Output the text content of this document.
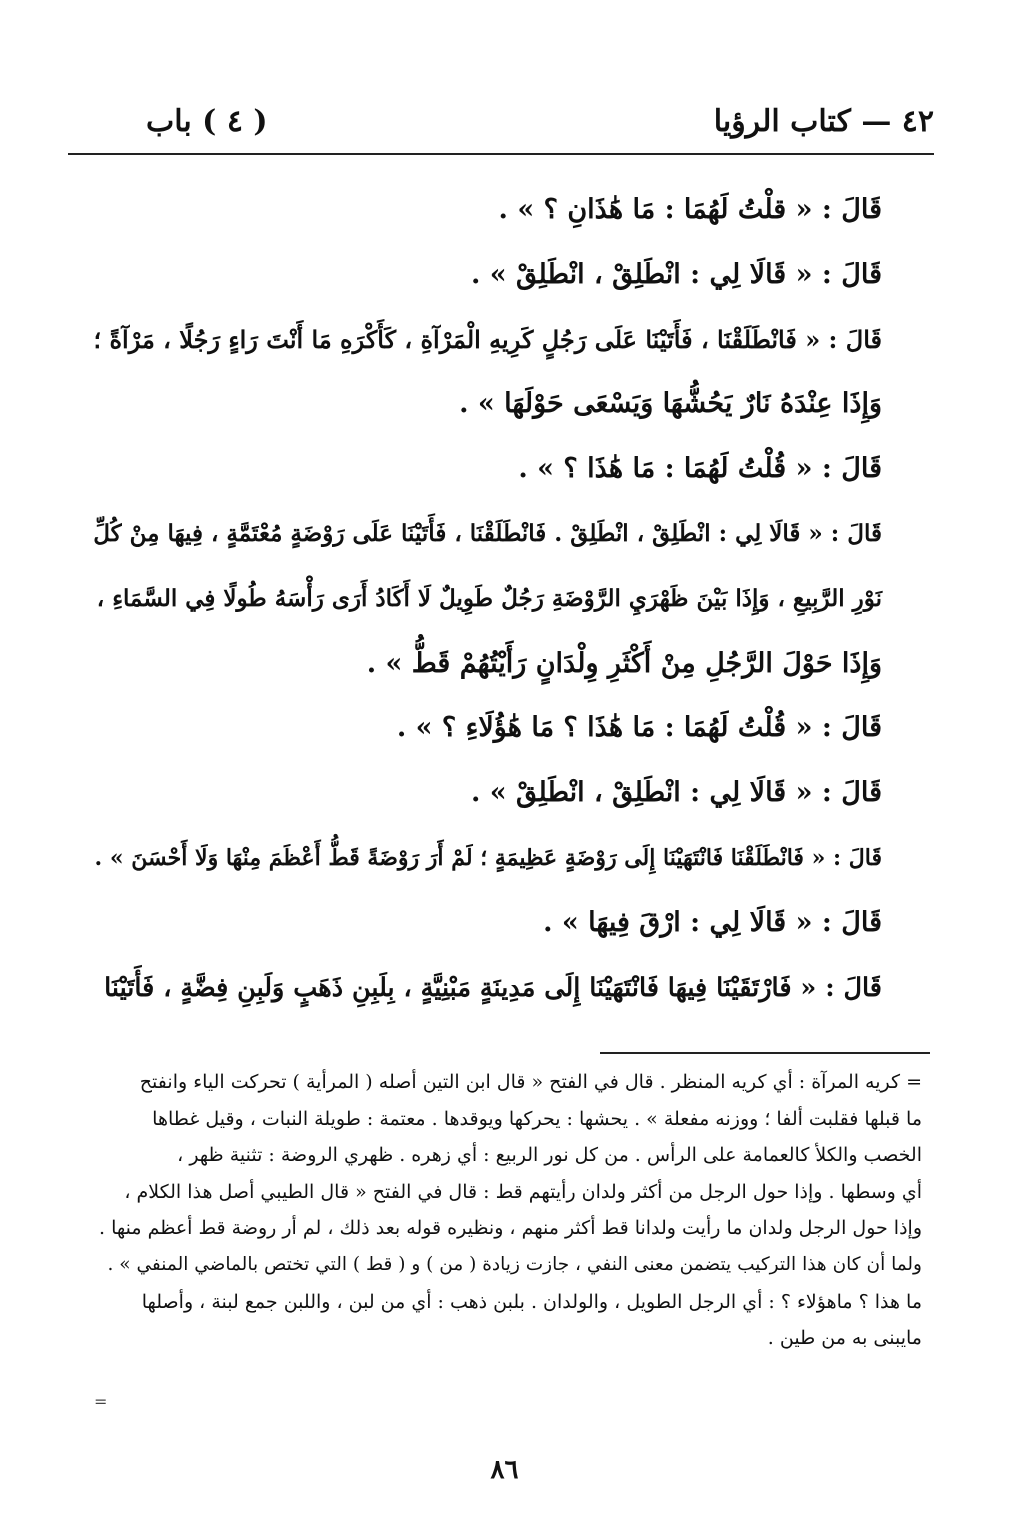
٤٢ — كتاب الرؤيا
( ٤ ) باب

قَالَ : « قلْتُ لَهُمَا : مَا هَٰذَانِ ؟ » .

قَالَ : « قَالَا لِي : انْطَلِقْ ، انْطَلِقْ » .

قَالَ : « فَانْطَلَقْنَا ، فَأَتَيْنَا عَلَى رَجُلٍ كَرِيهِ الْمَرْآةِ ، كَأَكْرَهِ مَا أَنْتَ رَاءٍ رَجُلًا ، مَرْآةً ؛

وَإِذَا عِنْدَهُ نَارٌ يَحُشُّهَا وَيَسْعَى حَوْلَهَا » .

قَالَ : « قُلْتُ لَهُمَا : مَا هَٰذَا ؟ » .

قَالَ : « قَالَا لِي : انْطَلِقْ ، انْطَلِقْ . فَانْطَلَقْنَا ، فَأَتَيْنَا عَلَى رَوْضَةٍ مُعْتَمَّةٍ ، فِيهَا مِنْ كُلِّ

نَوْرِ الرَّبِيعِ ، وَإِذَا بَيْنَ ظَهْرَيِ الرَّوْضَةِ رَجُلٌ طَوِيلٌ لَا أَكَادُ أَرَى رَأْسَهُ طُولًا فِي السَّمَاءِ ،

وَإِذَا حَوْلَ الرَّجُلِ مِنْ أَكْثَرِ وِلْدَانٍ رَأَيْتُهُمْ قَطُّ » .

قَالَ : « قُلْتُ لَهُمَا : مَا هَٰذَا ؟ مَا هَٰؤُلَاءِ ؟ » .

قَالَ : « قَالَا لِي : انْطَلِقْ ، انْطَلِقْ » .

قَالَ : « فَانْطَلَقْنَا فَانْتَهَيْنَا إِلَى رَوْضَةٍ عَظِيمَةٍ ؛ لَمْ أَرَ رَوْضَةً قَطُّ أَعْظَمَ مِنْهَا وَلَا أَحْسَنَ » .

قَالَ : « قَالَا لِي : ارْقَ فِيهَا » .

قَالَ : « فَارْتَقَيْنَا فِيهَا فَانْتَهَيْنَا إِلَى مَدِينَةٍ مَبْنِيَّةٍ ، بِلَبِنِ ذَهَبٍ وَلَبِنِ فِضَّةٍ ، فَأَتَيْنَا

= كريه المرآة : أي كريه المنظر . قال في الفتح « قال ابن التين أصله ( المرأية ) تحركت الياء وانفتح

ما قبلها فقلبت ألفا ؛ ووزنه مفعلة » . يحشها : يحركها ويوقدها . معتمة : طويلة النبات ، وقيل غطاها

الخصب والكلأ كالعمامة على الرأس . من كل نور الربيع : أي زهره . ظهري الروضة : تثنية ظهر ،

أي وسطها . وإذا حول الرجل من أكثر ولدان رأيتهم قط : قال في الفتح « قال الطيبي أصل هذا الكلام ،

وإذا حول الرجل ولدان ما رأيت ولدانا قط أكثر منهم ، ونظيره قوله بعد ذلك ، لم أر روضة قط أعظم منها .

ولما أن كان هذا التركيب يتضمن معنى النفي ، جازت زيادة ( من ) و ( قط ) التي تختص بالماضي المنفي » .

ما هذا ؟ ماهؤلاء ؟ : أي الرجل الطويل ، والولدان . بلبن ذهب : أي من لبن ، واللبن جمع لبنة ، وأصلها

مايبنى به من طين .

=
٨٦
